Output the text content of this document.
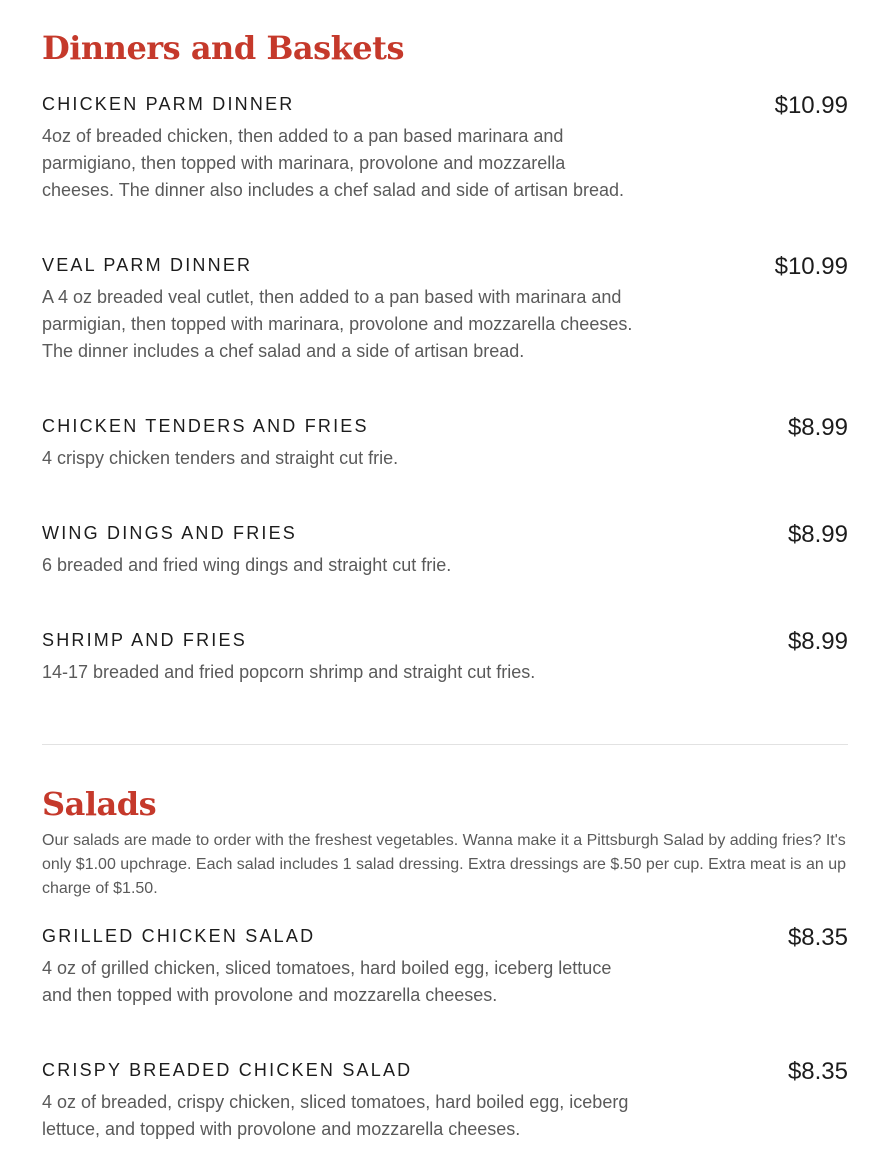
Dinners and Baskets
CHICKEN PARM DINNER	$10.99
4oz of breaded chicken, then added to a pan based marinara and parmigiano, then topped with marinara, provolone and mozzarella cheeses. The dinner also includes a chef salad and side of artisan bread.
VEAL PARM DINNER	$10.99
A 4 oz breaded veal cutlet, then added to a pan based with marinara and parmigian, then topped with marinara, provolone and mozzarella cheeses. The dinner includes a chef salad and a side of artisan bread.
CHICKEN TENDERS AND FRIES	$8.99
4 crispy chicken tenders and straight cut frie.
WING DINGS AND FRIES	$8.99
6 breaded and fried wing dings and straight cut frie.
SHRIMP AND FRIES	$8.99
14-17 breaded and fried popcorn shrimp and straight cut fries.
Salads

Our salads are made to order with the freshest vegetables. Wanna make it a Pittsburgh Salad by adding fries? It's only $1.00 upchrage. Each salad includes 1 salad dressing. Extra dressings are $.50 per cup. Extra meat is an up charge of $1.50.

GRILLED CHICKEN SALAD	$8.35
4 oz of grilled chicken, sliced tomatoes, hard boiled egg, iceberg lettuce and then topped with provolone and mozzarella cheeses.
CRISPY BREADED CHICKEN SALAD	$8.35
4 oz of breaded, crispy chicken, sliced tomatoes, hard boiled egg, iceberg lettuce, and topped with provolone and mozzarella cheeses.
